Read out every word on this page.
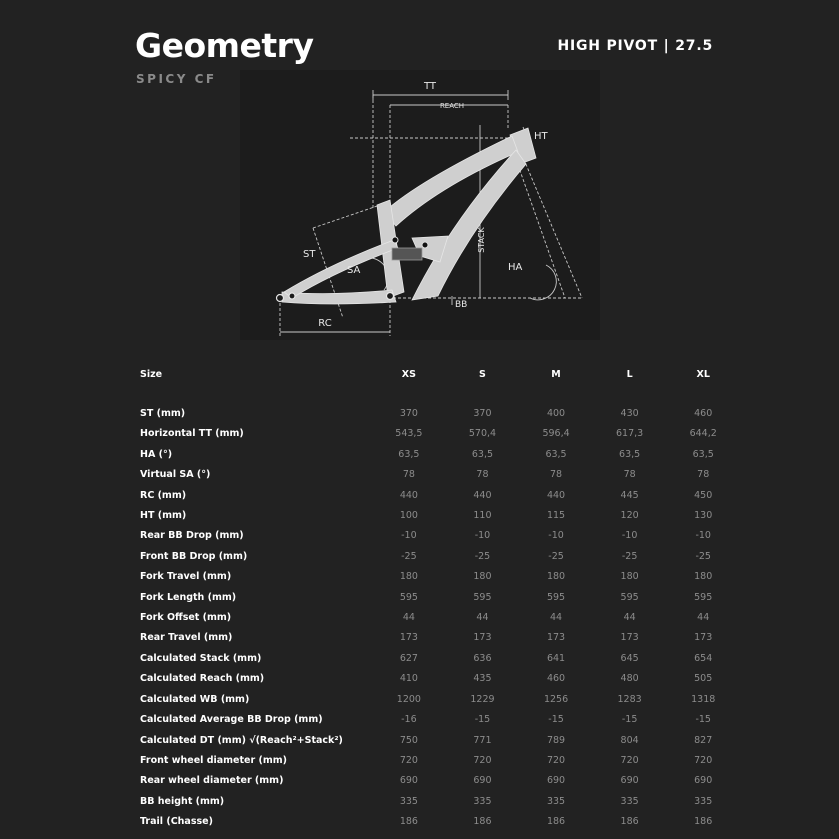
Geometry
SPICY CF
HIGH PIVOT | 27.5
TT
REACH
HT
ST
SA
STACK
HA
RC
BB
Size	XS	S	M	L	XL

ST (mm)	370	370	400	430	460
Horizontal TT (mm)	543,5	570,4	596,4	617,3	644,2
HA (°)	63,5	63,5	63,5	63,5	63,5
Virtual SA (°)	78	78	78	78	78
RC (mm)	440	440	440	445	450
HT (mm)	100	110	115	120	130
Rear BB Drop (mm)	-10	-10	-10	-10	-10
Front BB Drop (mm)	-25	-25	-25	-25	-25
Fork Travel (mm)	180	180	180	180	180
Fork Length (mm)	595	595	595	595	595
Fork Offset (mm)	44	44	44	44	44
Rear Travel (mm)	173	173	173	173	173
Calculated Stack (mm)	627	636	641	645	654
Calculated Reach (mm)	410	435	460	480	505
Calculated WB (mm)	1200	1229	1256	1283	1318
Calculated Average BB Drop (mm)	-16	-15	-15	-15	-15
Calculated DT (mm) √(Reach²+Stack²)	750	771	789	804	827
Front wheel diameter (mm)	720	720	720	720	720
Rear wheel diameter (mm)	690	690	690	690	690
BB height (mm)	335	335	335	335	335
Trail (Chasse)	186	186	186	186	186
